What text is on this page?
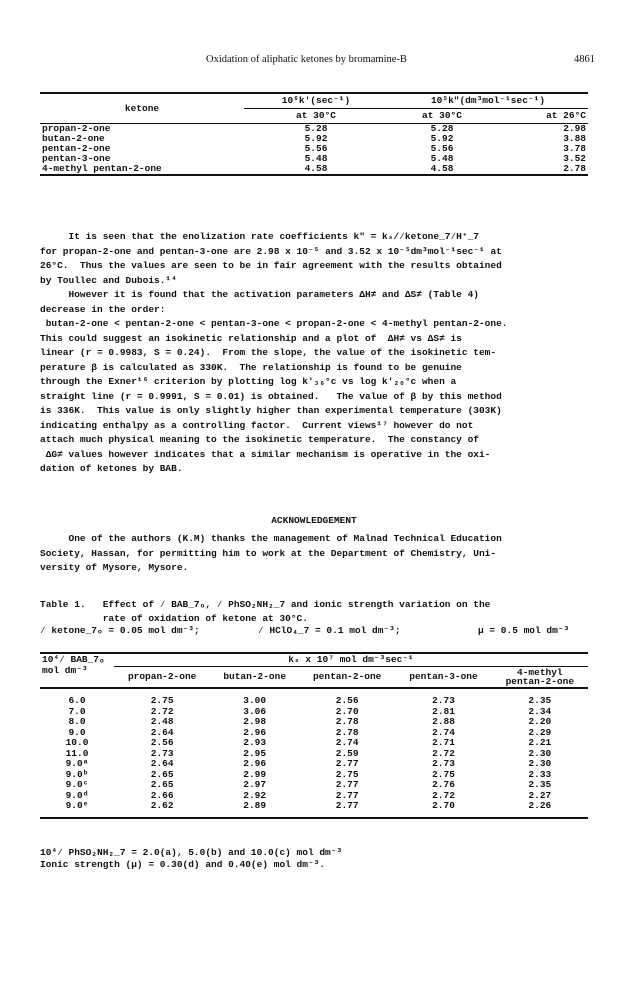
Oxidation of aliphatic ketones by bromamine-B	4861
ketone	10⁶k'(sec⁻¹)	10⁵k"(dm³mol⁻¹sec⁻¹)	
	at 30°C	at 30°C	at 26°C
propan-2-one	5.28	5.28	2.98
butan-2-one	5.92	5.92	3.88
pentan-2-one	5.56	5.56	3.78
pentan-3-one	5.48	5.48	3.52
4-methyl pentan-2-one	4.58	4.58	2.78
It is seen that the enolization rate coefficients k" = kₛ/∕ketone_7∕H⁺_7
for propan-2-one and pentan-3-one are 2.98 x 10⁻⁵ and 3.52 x 10⁻⁵dm³mol⁻¹sec⁻¹ at
26°C.  Thus the values are seen to be in fair agreement with the results obtained
by Toullec and Dubois.¹⁴
However it is found that the activation parameters ΔH≠ and ΔS≠ (Table 4)
decrease in the order:
butan-2-one < pentan-2-one < pentan-3-one < propan-2-one < 4-methyl pentan-2-one.
This could suggest an isokinetic relationship and a plot of  ΔH≠ vs ΔS≠ is
linear (r = 0.9983, S = 0.24).  From the slope, the value of the isokinetic tem-
perature β is calculated as 330K.  The relationship is found to be genuine
through the Exner¹⁶ criterion by plotting log k'₃₆°c vs log k'₂₀°c when a
straight line (r = 0.9991, S = 0.01) is obtained.   The value of β by this method
is 336K.  This value is only slightly higher than experimental temperature (303K)
indicating enthalpy as a controlling factor.  Current views¹⁷ however do not
attach much physical meaning to the isokinetic temperature.  The constancy of
ΔG≠ values however indicates that a similar mechanism is operative in the oxi-
dation of ketones by BAB.
ACKNOWLEDGEMENT
One of the authors (K.M) thanks the management of Malnad Technical Education
Society, Hassan, for permitting him to work at the Department of Chemistry, Uni-
versity of Mysore, Mysore.
Table 1.   Effect of ∕ BAB_7ₒ, ∕ PhSO₂NH₂_7 and ionic strength variation on the
rate of oxidation of ketone at 30°C.
∕ ketone_7ₒ = 0.05 mol dm⁻³;	∕ HClO₄_7 = 0.1 mol dm⁻³;	μ = 0.5 mol dm⁻³
10⁴∕ BAB_7ₒ	kₛ x 10⁷ mol dm⁻³sec⁻¹				
mol dm⁻³	propan-2-one	butan-2-one	pentan-2-one	pentan-3-one	4-methyl
pentan-2-one

6.0	2.75	3.00	2.56	2.73	2.35
7.0	2.72	3.06	2.70	2.81	2.34
8.0	2.48	2.98	2.78	2.88	2.20
9.0	2.64	2.96	2.78	2.74	2.29
10.0	2.56	2.93	2.74	2.71	2.21
11.0	2.73	2.95	2.59	2.72	2.30
9.0ᵃ	2.64	2.96	2.77	2.73	2.30
9.0ᵇ	2.65	2.99	2.75	2.75	2.33
9.0ᶜ	2.65	2.97	2.77	2.76	2.35
9.0ᵈ	2.66	2.92	2.77	2.72	2.27
9.0ᵉ	2.62	2.89	2.77	2.70	2.26

10⁴∕ PhSO₂NH₂_7 = 2.0(a), 5.0(b) and 10.0(c) mol dm⁻³
Ionic strength (μ) = 0.30(d) and 0.40(e) mol dm⁻³.
